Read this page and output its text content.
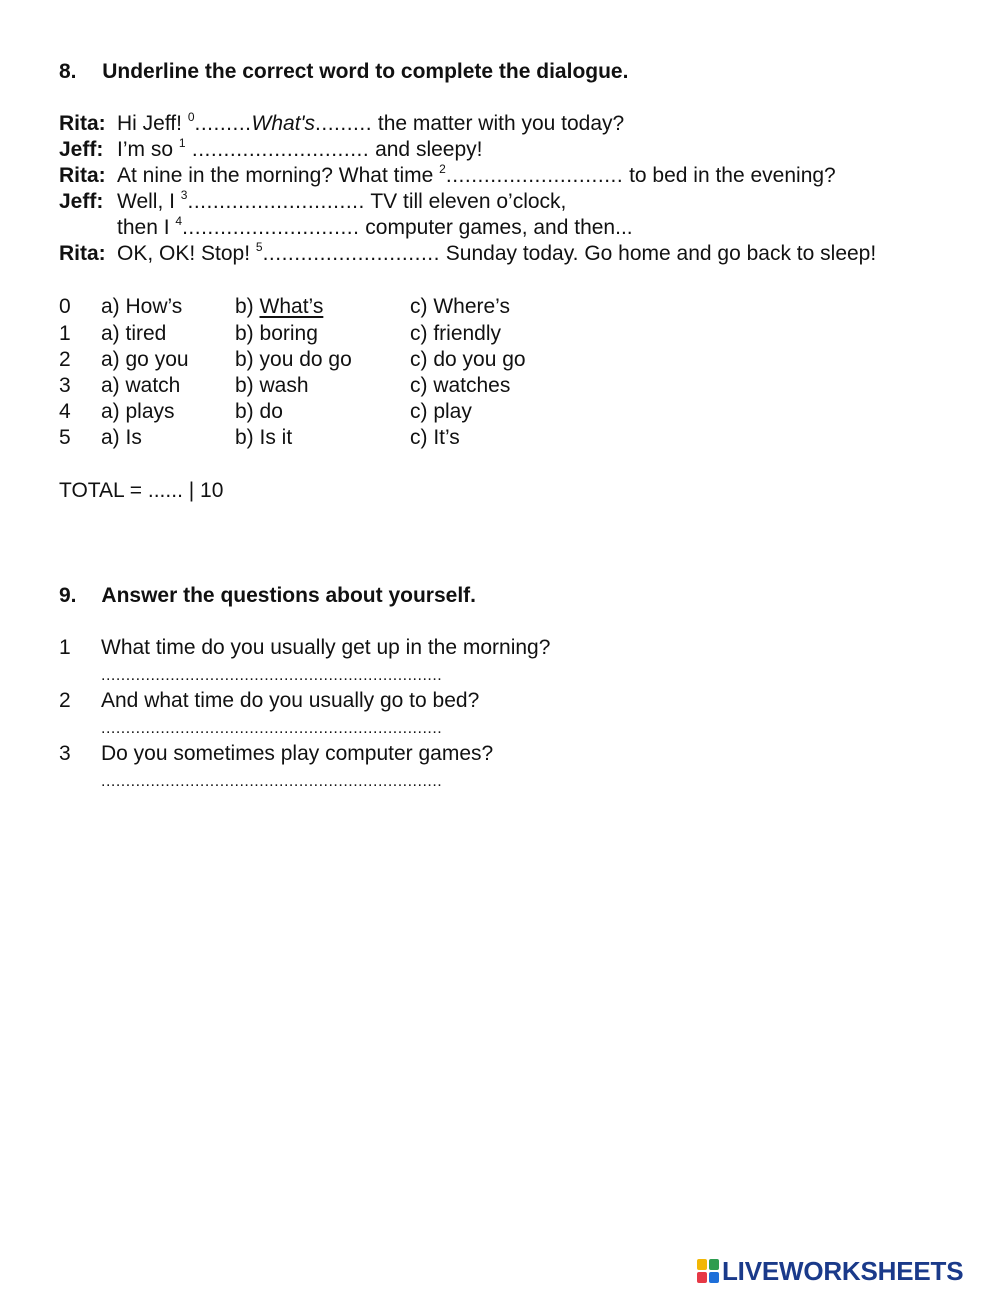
8. Underline the correct word to complete the dialogue.
Rita: Hi Jeff! $^0$.........What's......... the matter with you today?
Jeff: I’m so $^1$ ............................ and sleepy!
Rita: At nine in the morning? What time $^2$............................ to bed in the evening?
Jeff: Well, I $^3$............................ TV till eleven o’clock,
then I $^4$............................ computer games, and then...
Rita: OK, OK! Stop! $^5$............................ Sunday today. Go home and go back to sleep!
0 a) How’s	b) What’s	c) Where’s
1 a) tired	b) boring	c) friendly
2 a) go you b) you do go	c) do you go
3 a) watch	b) wash	c) watches
4 a) plays	b) do	c) play
5 a) Is	b) Is it	c) It’s
TOTAL = ...... | 10
9. Answer the questions about yourself.
1 What time do you usually get up in the morning?
.....................................................................
2 And what time do you usually go to bed?
.....................................................................
3 Do you sometimes play computer games?
.....................................................................
LIVEWORKSHEETS
